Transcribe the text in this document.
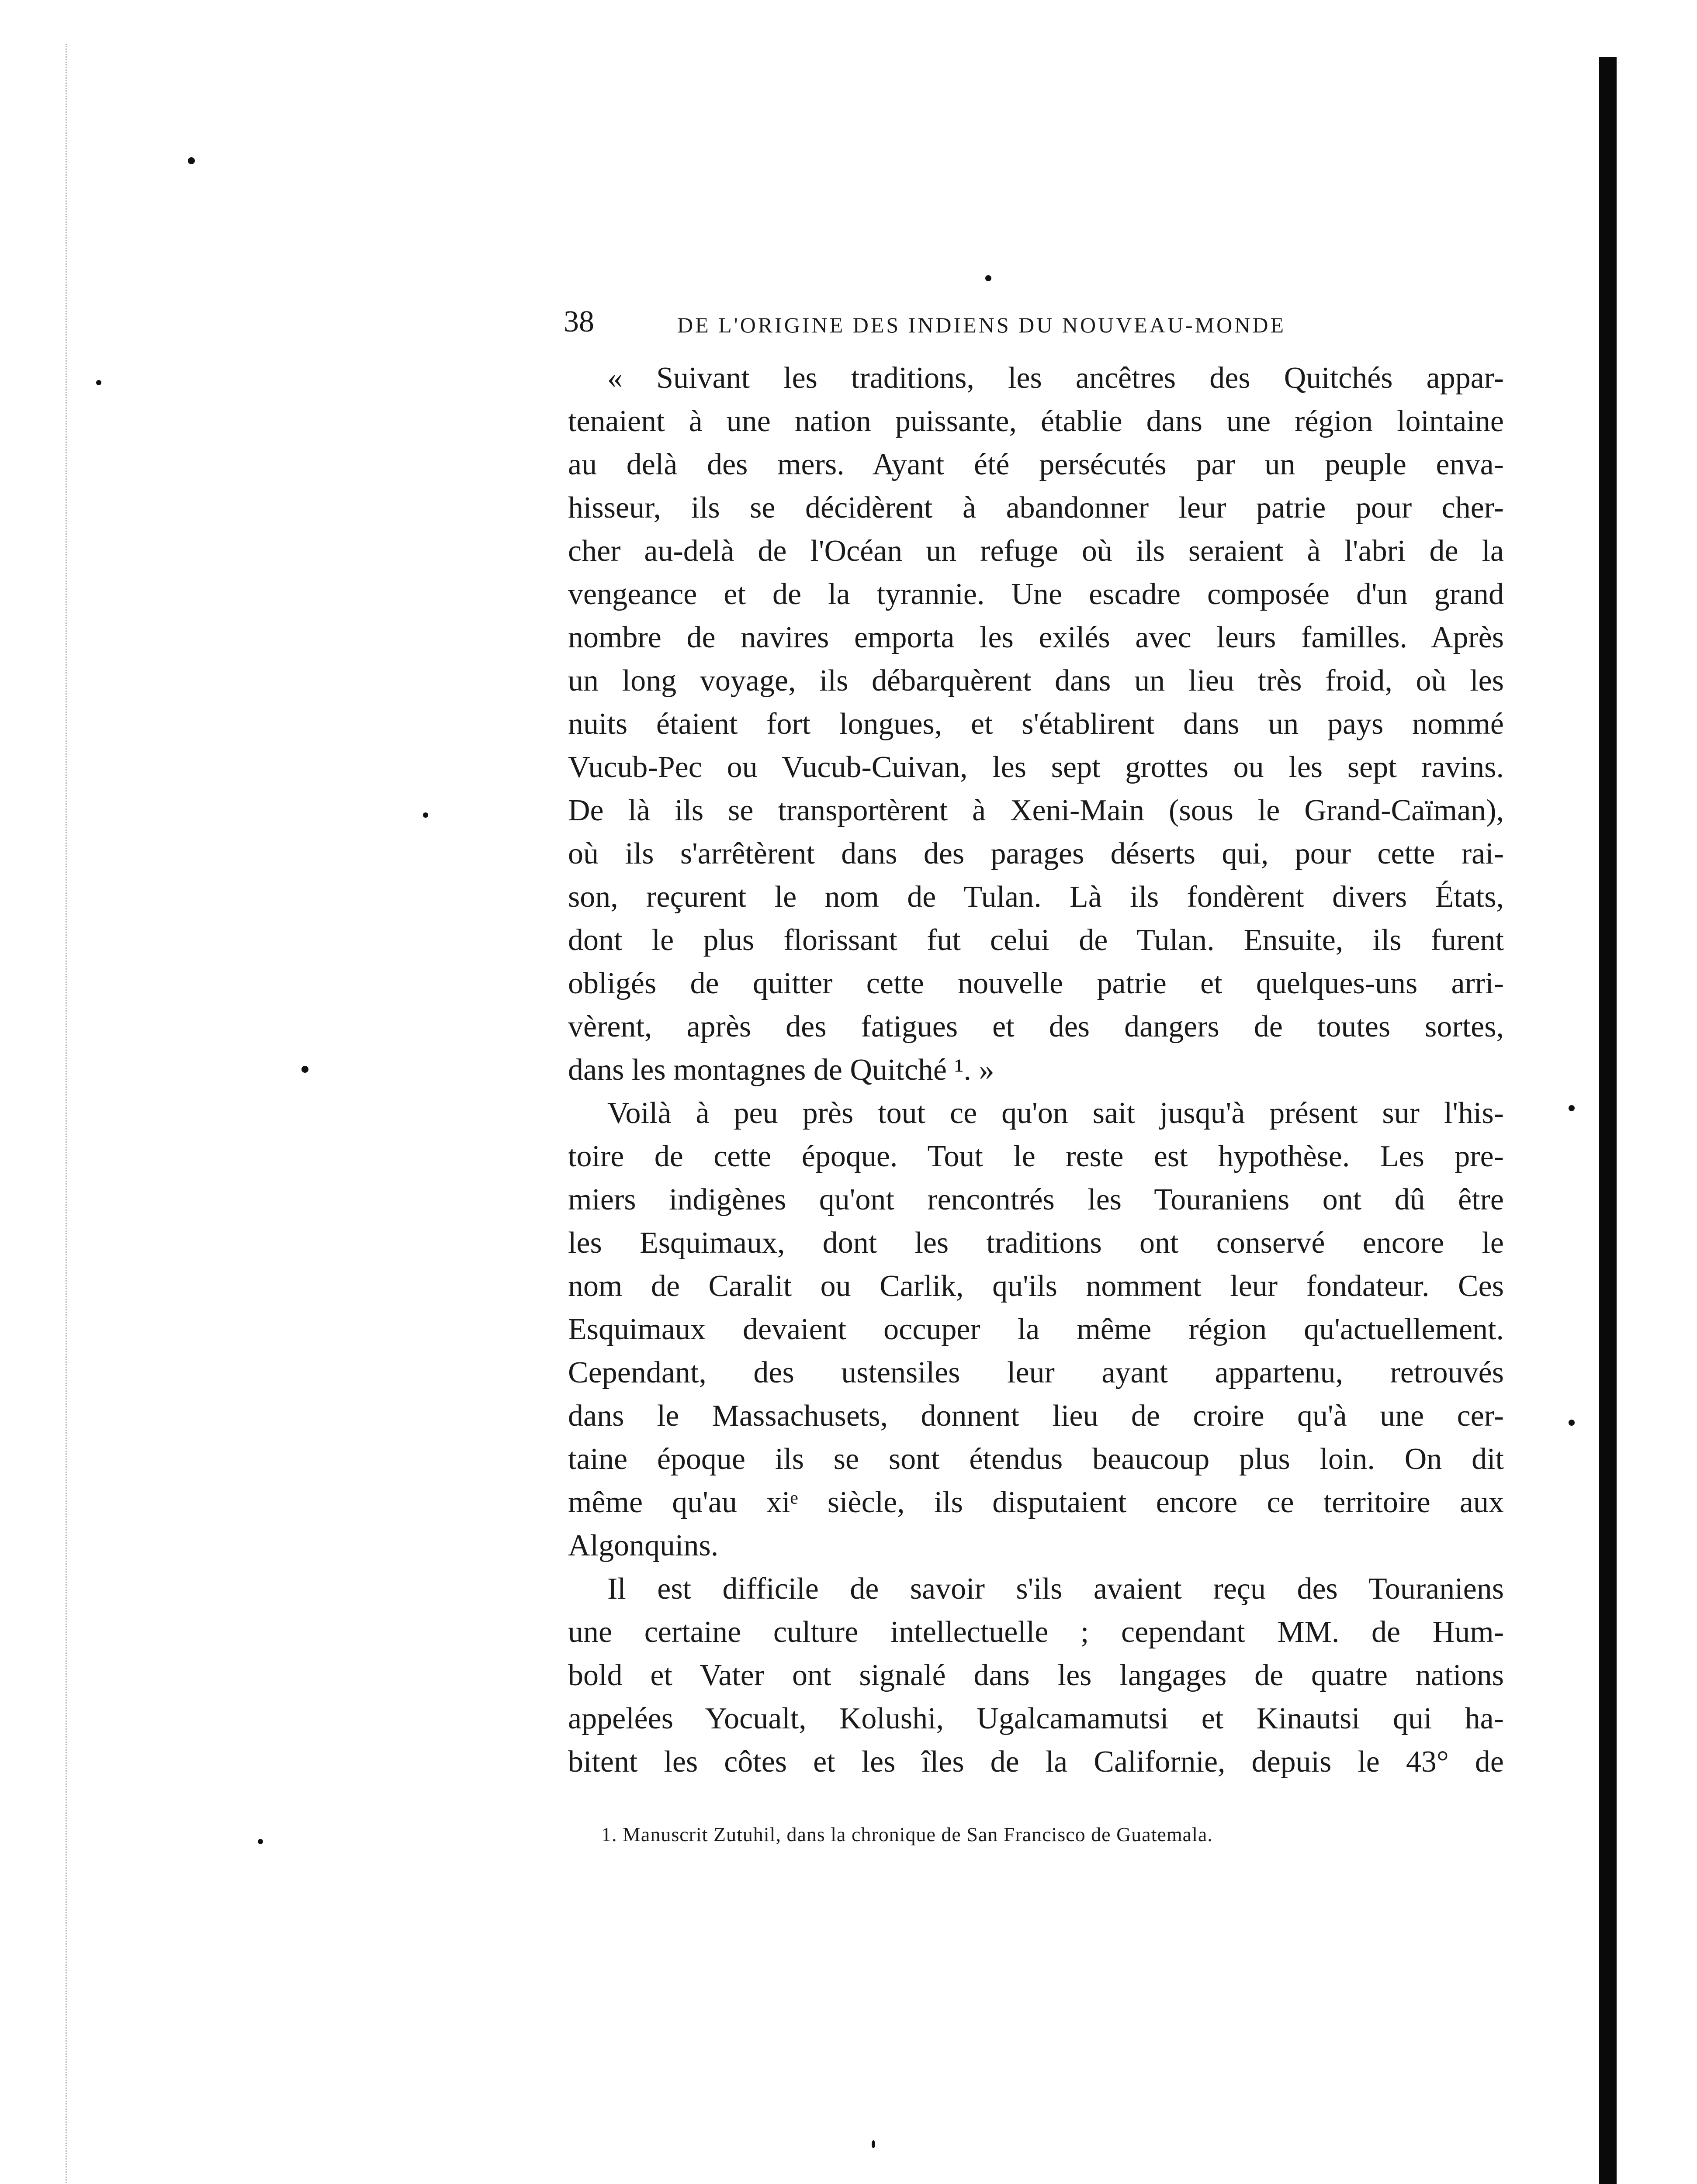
38	DE L'ORIGINE DES INDIENS DU NOUVEAU-MONDE
« Suivant les traditions, les ancêtres des Quitchés appar-
tenaient à une nation puissante, établie dans une région lointaine
au delà des mers. Ayant été persécutés par un peuple enva-
hisseur, ils se décidèrent à abandonner leur patrie pour cher-
cher au-delà de l'Océan un refuge où ils seraient à l'abri de la
vengeance et de la tyrannie. Une escadre composée d'un grand
nombre de navires emporta les exilés avec leurs familles. Après
un long voyage, ils débarquèrent dans un lieu très froid, où les
nuits étaient fort longues, et s'établirent dans un pays nommé
Vucub-Pec ou Vucub-Cuivan, les sept grottes ou les sept ravins.
De là ils se transportèrent à Xeni-Main (sous le Grand-Caïman),
où ils s'arrêtèrent dans des parages déserts qui, pour cette rai-
son, reçurent le nom de Tulan. Là ils fondèrent divers États,
dont le plus florissant fut celui de Tulan. Ensuite, ils furent
obligés de quitter cette nouvelle patrie et quelques-uns arri-
vèrent, après des fatigues et des dangers de toutes sortes,
dans les montagnes de Quitché ¹. »
Voilà à peu près tout ce qu'on sait jusqu'à présent sur l'his-
toire de cette époque. Tout le reste est hypothèse. Les pre-
miers indigènes qu'ont rencontrés les Touraniens ont dû être
les Esquimaux, dont les traditions ont conservé encore le
nom de Caralit ou Carlik, qu'ils nomment leur fondateur. Ces
Esquimaux devaient occuper la même région qu'actuellement.
Cependant, des ustensiles leur ayant appartenu, retrouvés
dans le Massachusets, donnent lieu de croire qu'à une cer-
taine époque ils se sont étendus beaucoup plus loin. On dit
même qu'au xiᵉ siècle, ils disputaient encore ce territoire aux
Algonquins.
Il est difficile de savoir s'ils avaient reçu des Touraniens
une certaine culture intellectuelle ; cependant MM. de Hum-
bold et Vater ont signalé dans les langages de quatre nations
appelées Yocualt, Kolushi, Ugalcamamutsi et Kinautsi qui ha-
bitent les côtes et les îles de la Californie, depuis le 43° de
1. Manuscrit Zutuhil, dans la chronique de San Francisco de Guatemala.
